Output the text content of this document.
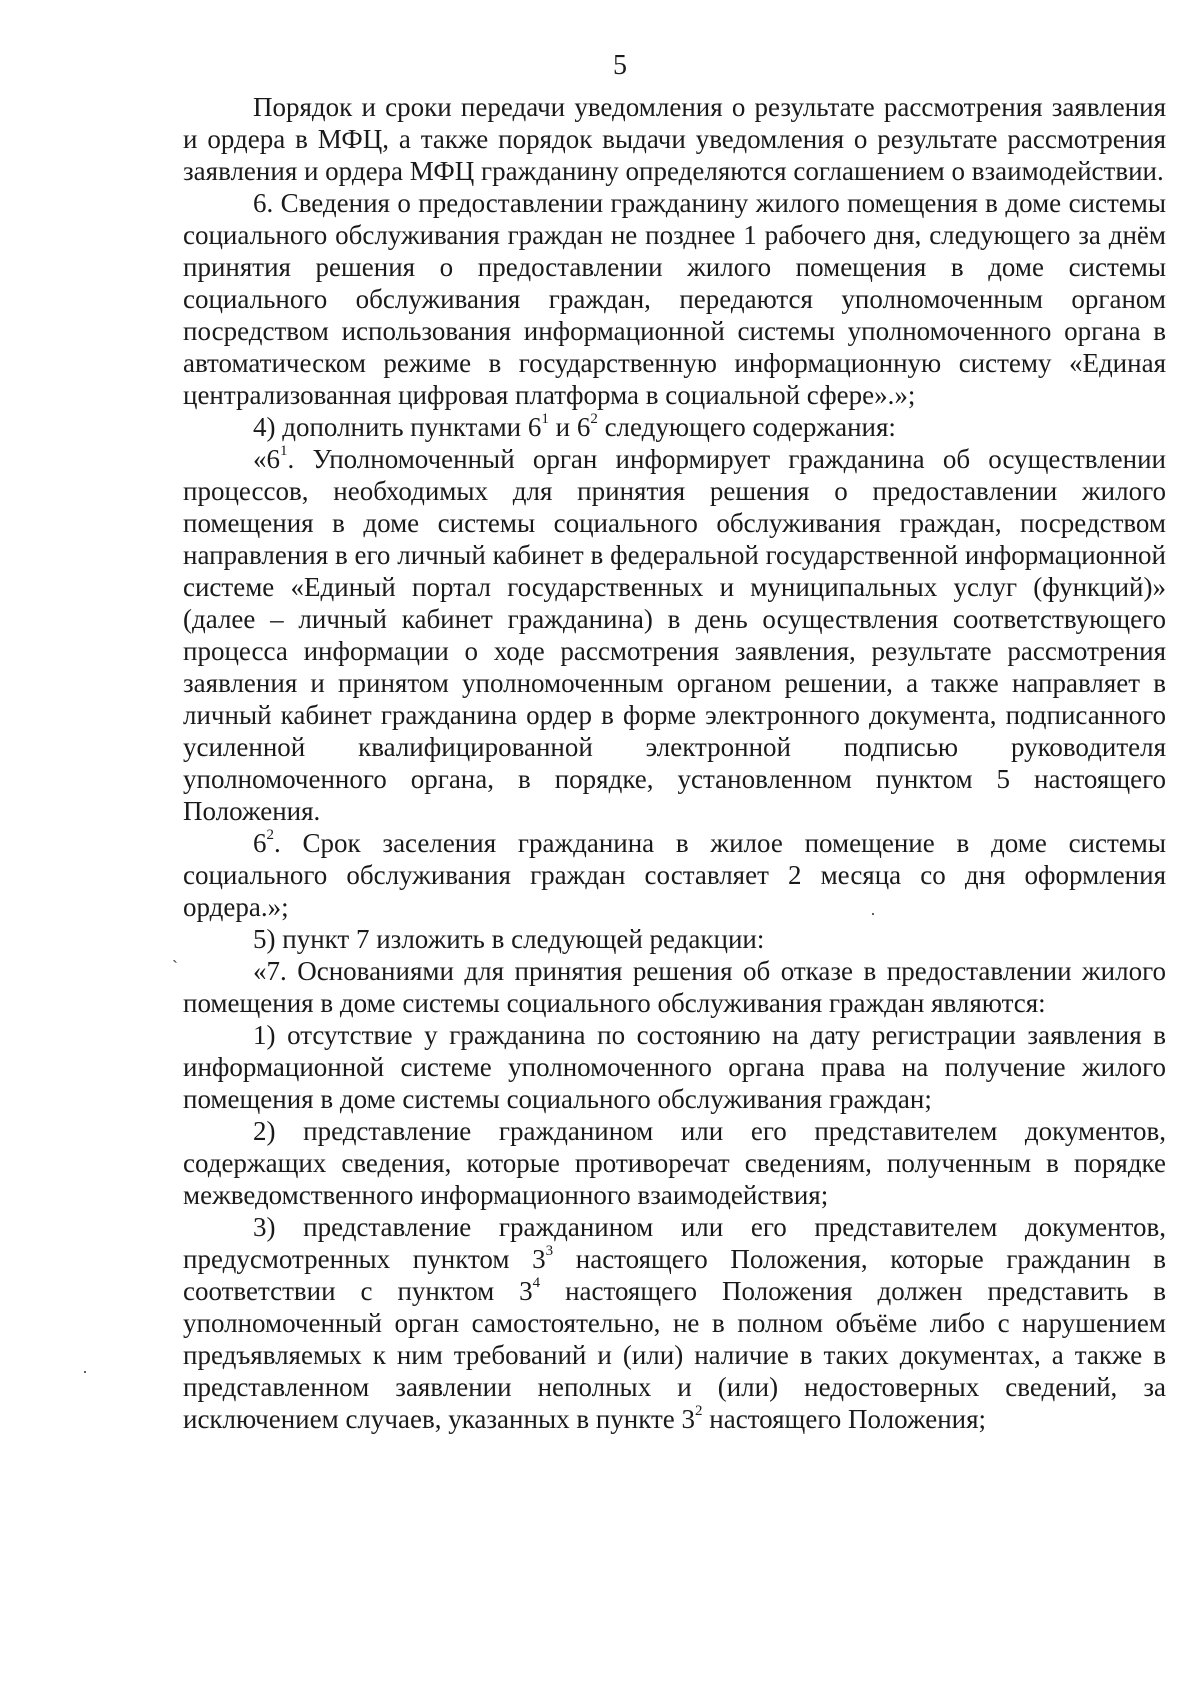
5

Порядок и сроки передачи уведомления о результате рассмотрения заявления и ордера в МФЦ, а также порядок выдачи уведомления о результате рассмотрения заявления и ордера МФЦ гражданину определяются соглашением о взаимодействии.

6. Сведения о предоставлении гражданину жилого помещения в доме системы социального обслуживания граждан не позднее 1 рабочего дня, следующего за днём принятия решения о предоставлении жилого помещения в доме системы социального обслуживания граждан, передаются уполномоченным органом посредством использования информационной системы уполномоченного органа в автоматическом режиме в государственную информационную систему «Единая централизованная цифровая платформа в социальной сфере».»;

4) дополнить пунктами $6^1$ и $6^2$ следующего содержания:

«$6^1$. Уполномоченный орган информирует гражданина об осуществлении процессов, необходимых для принятия решения о предоставлении жилого помещения в доме системы социального обслуживания граждан, посредством направления в его личный кабинет в федеральной государственной информационной системе «Единый портал государственных и муниципальных услуг (функций)» (далее – личный кабинет гражданина) в день осуществления соответствующего процесса информации о ходе рассмотрения заявления, результате рассмотрения заявления и принятом уполномоченным органом решении, а также направляет в личный кабинет гражданина ордер в форме электронного документа, подписанного усиленной квалифицированной электронной подписью руководителя уполномоченного органа, в порядке, установленном пунктом 5 настоящего Положения.

$6^2$. Срок заселения гражданина в жилое помещение в доме системы социального обслуживания граждан составляет 2 месяца со дня оформления ордера.»;

5) пункт 7 изложить в следующей редакции:

«7. Основаниями для принятия решения об отказе в предоставлении жилого помещения в доме системы социального обслуживания граждан являются:

1) отсутствие у гражданина по состоянию на дату регистрации заявления в информационной системе уполномоченного органа права на получение жилого помещения в доме системы социального обслуживания граждан;

2) представление гражданином или его представителем документов, содержащих сведения, которые противоречат сведениям, полученным в порядке межведомственного информационного взаимодействия;

3) представление гражданином или его представителем документов, предусмотренных пунктом $3^3$ настоящего Положения, которые гражданин в соответствии с пунктом $3^4$ настоящего Положения должен представить в уполномоченный орган самостоятельно, не в полном объёме либо с нарушением предъявляемых к ним требований и (или) наличие в таких документах, а также в представленном заявлении неполных и (или) недостоверных сведений, за исключением случаев, указанных в пункте $3^2$ настоящего Положения;

ˋ
·
·
